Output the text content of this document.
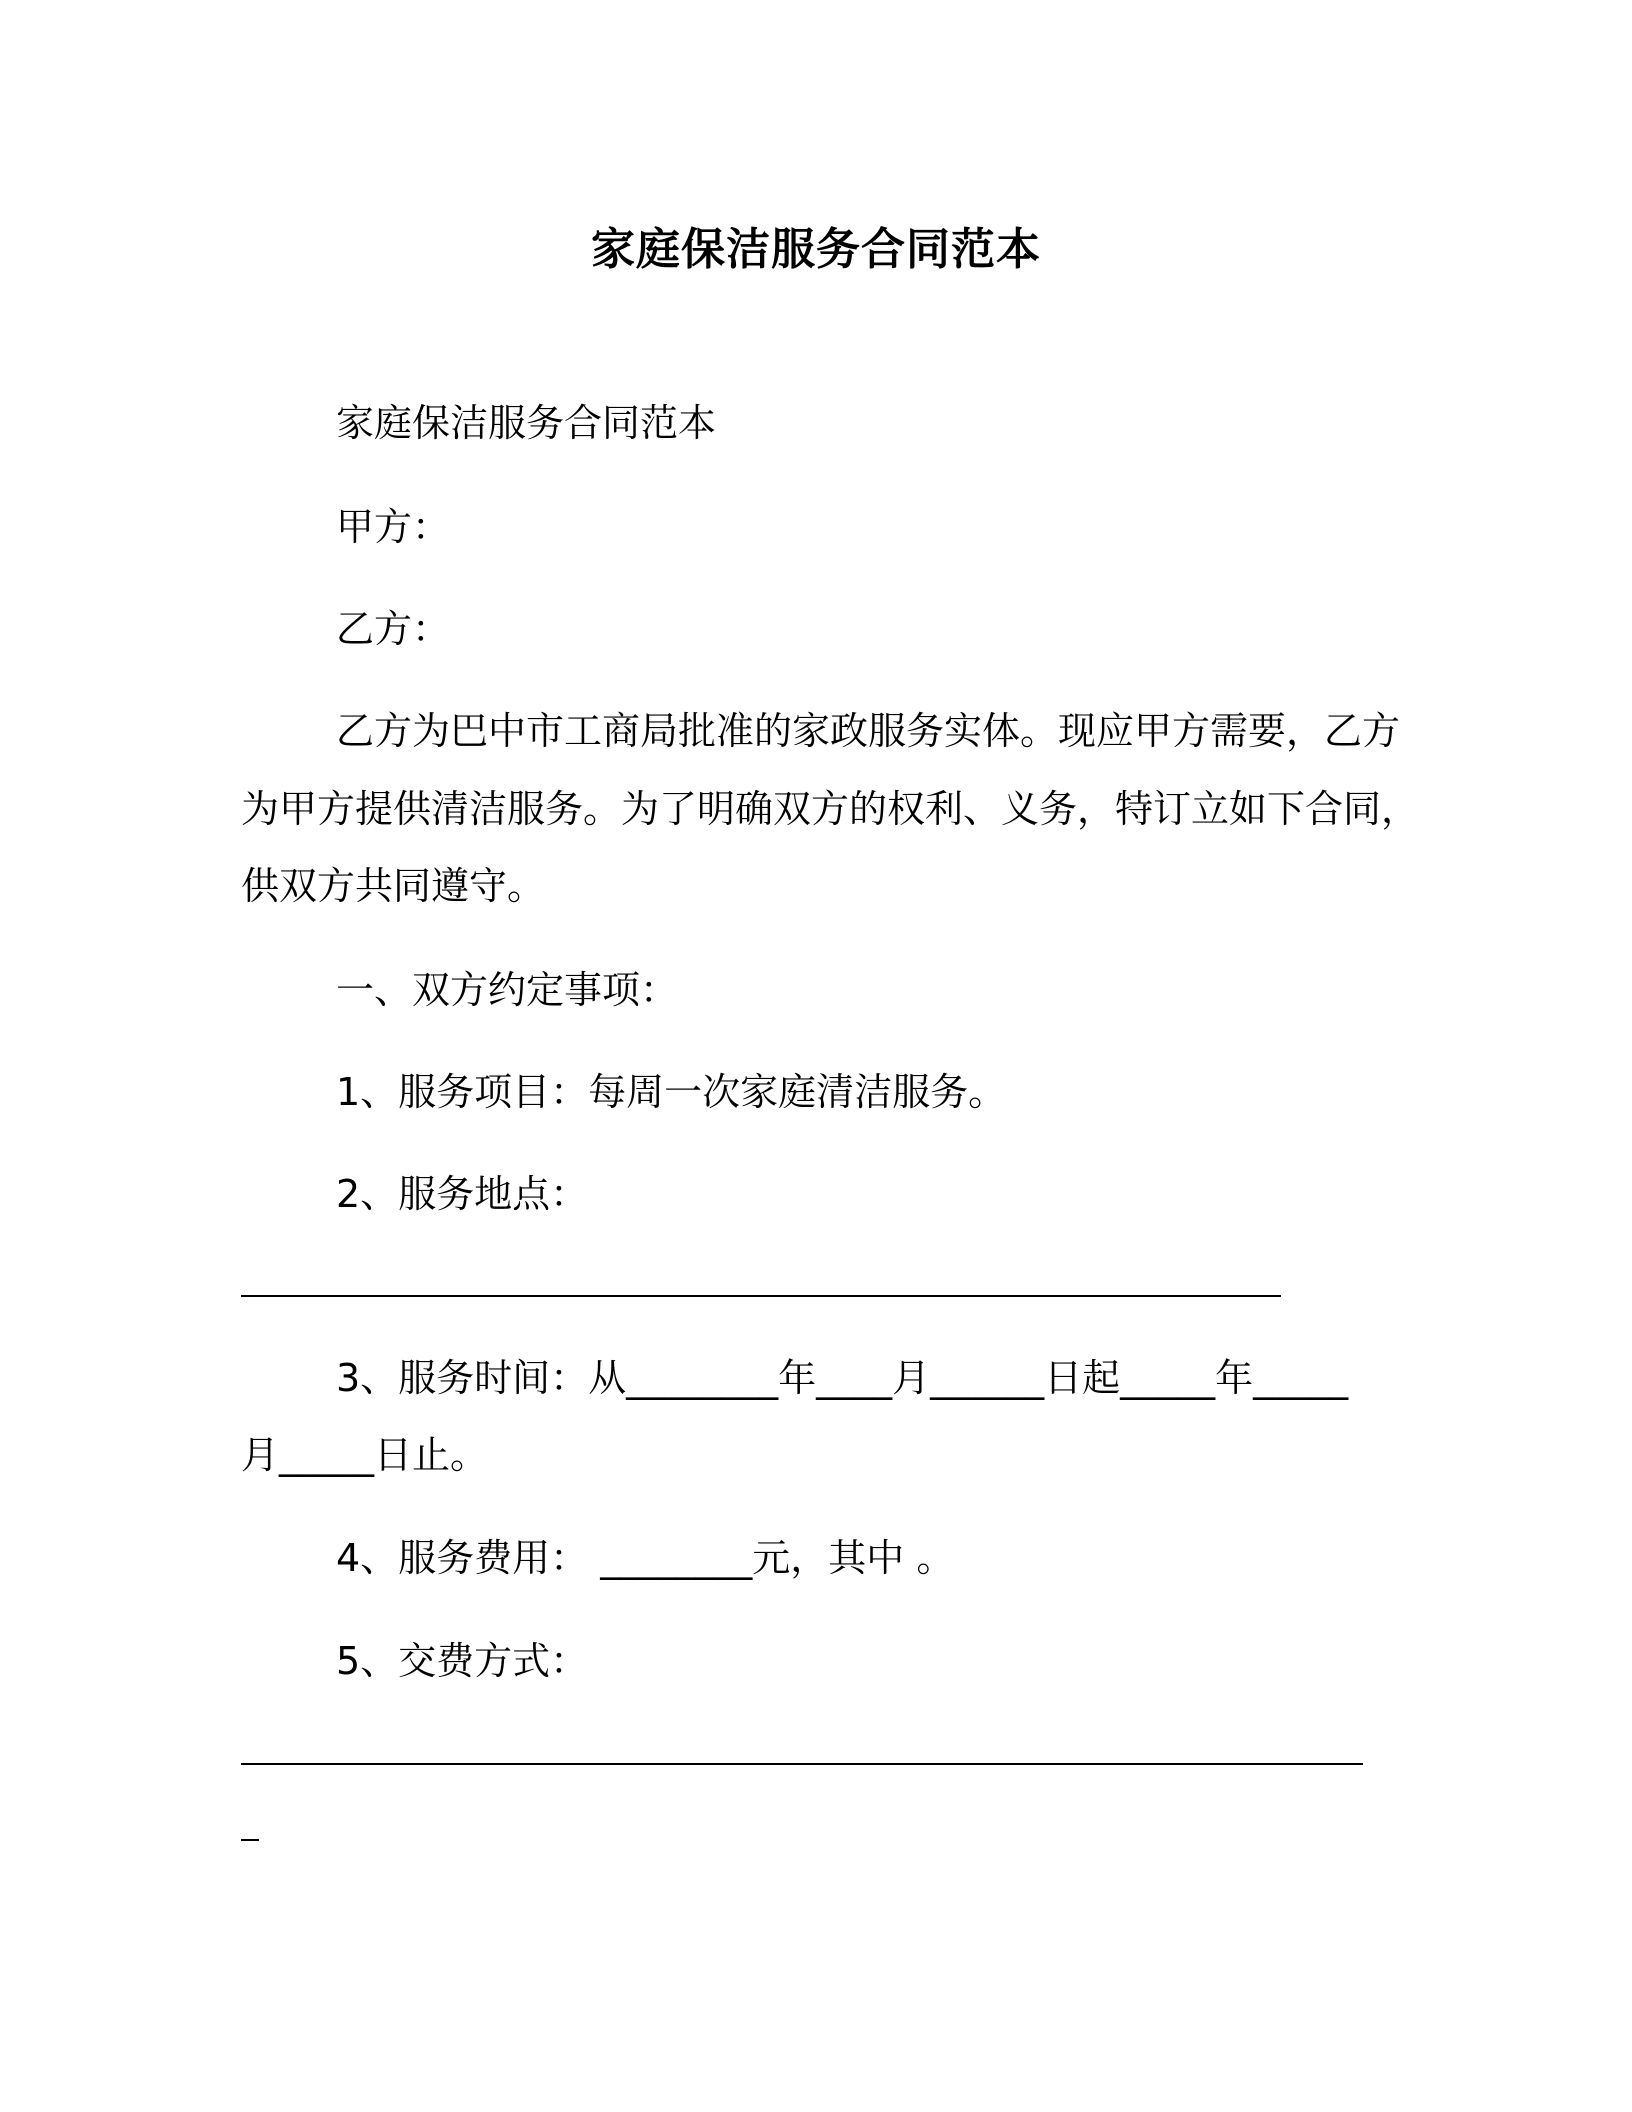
家庭保洁服务合同范本
家庭保洁服务合同范本
甲方：
乙方：
乙方为巴中市工商局批准的家政服务实体。现应甲方需要，乙方
为甲方提供清洁服务。为了明确双方的权利、义务，特订立如下合同，
供双方共同遵守。
一、双方约定事项：
1、服务项目：每周一次家庭清洁服务。
2、服务地点：
3、服务时间：从________年____月______日起_____年_____
月_____日止。
4、服务费用： ________元，其中 。
5、交费方式：
